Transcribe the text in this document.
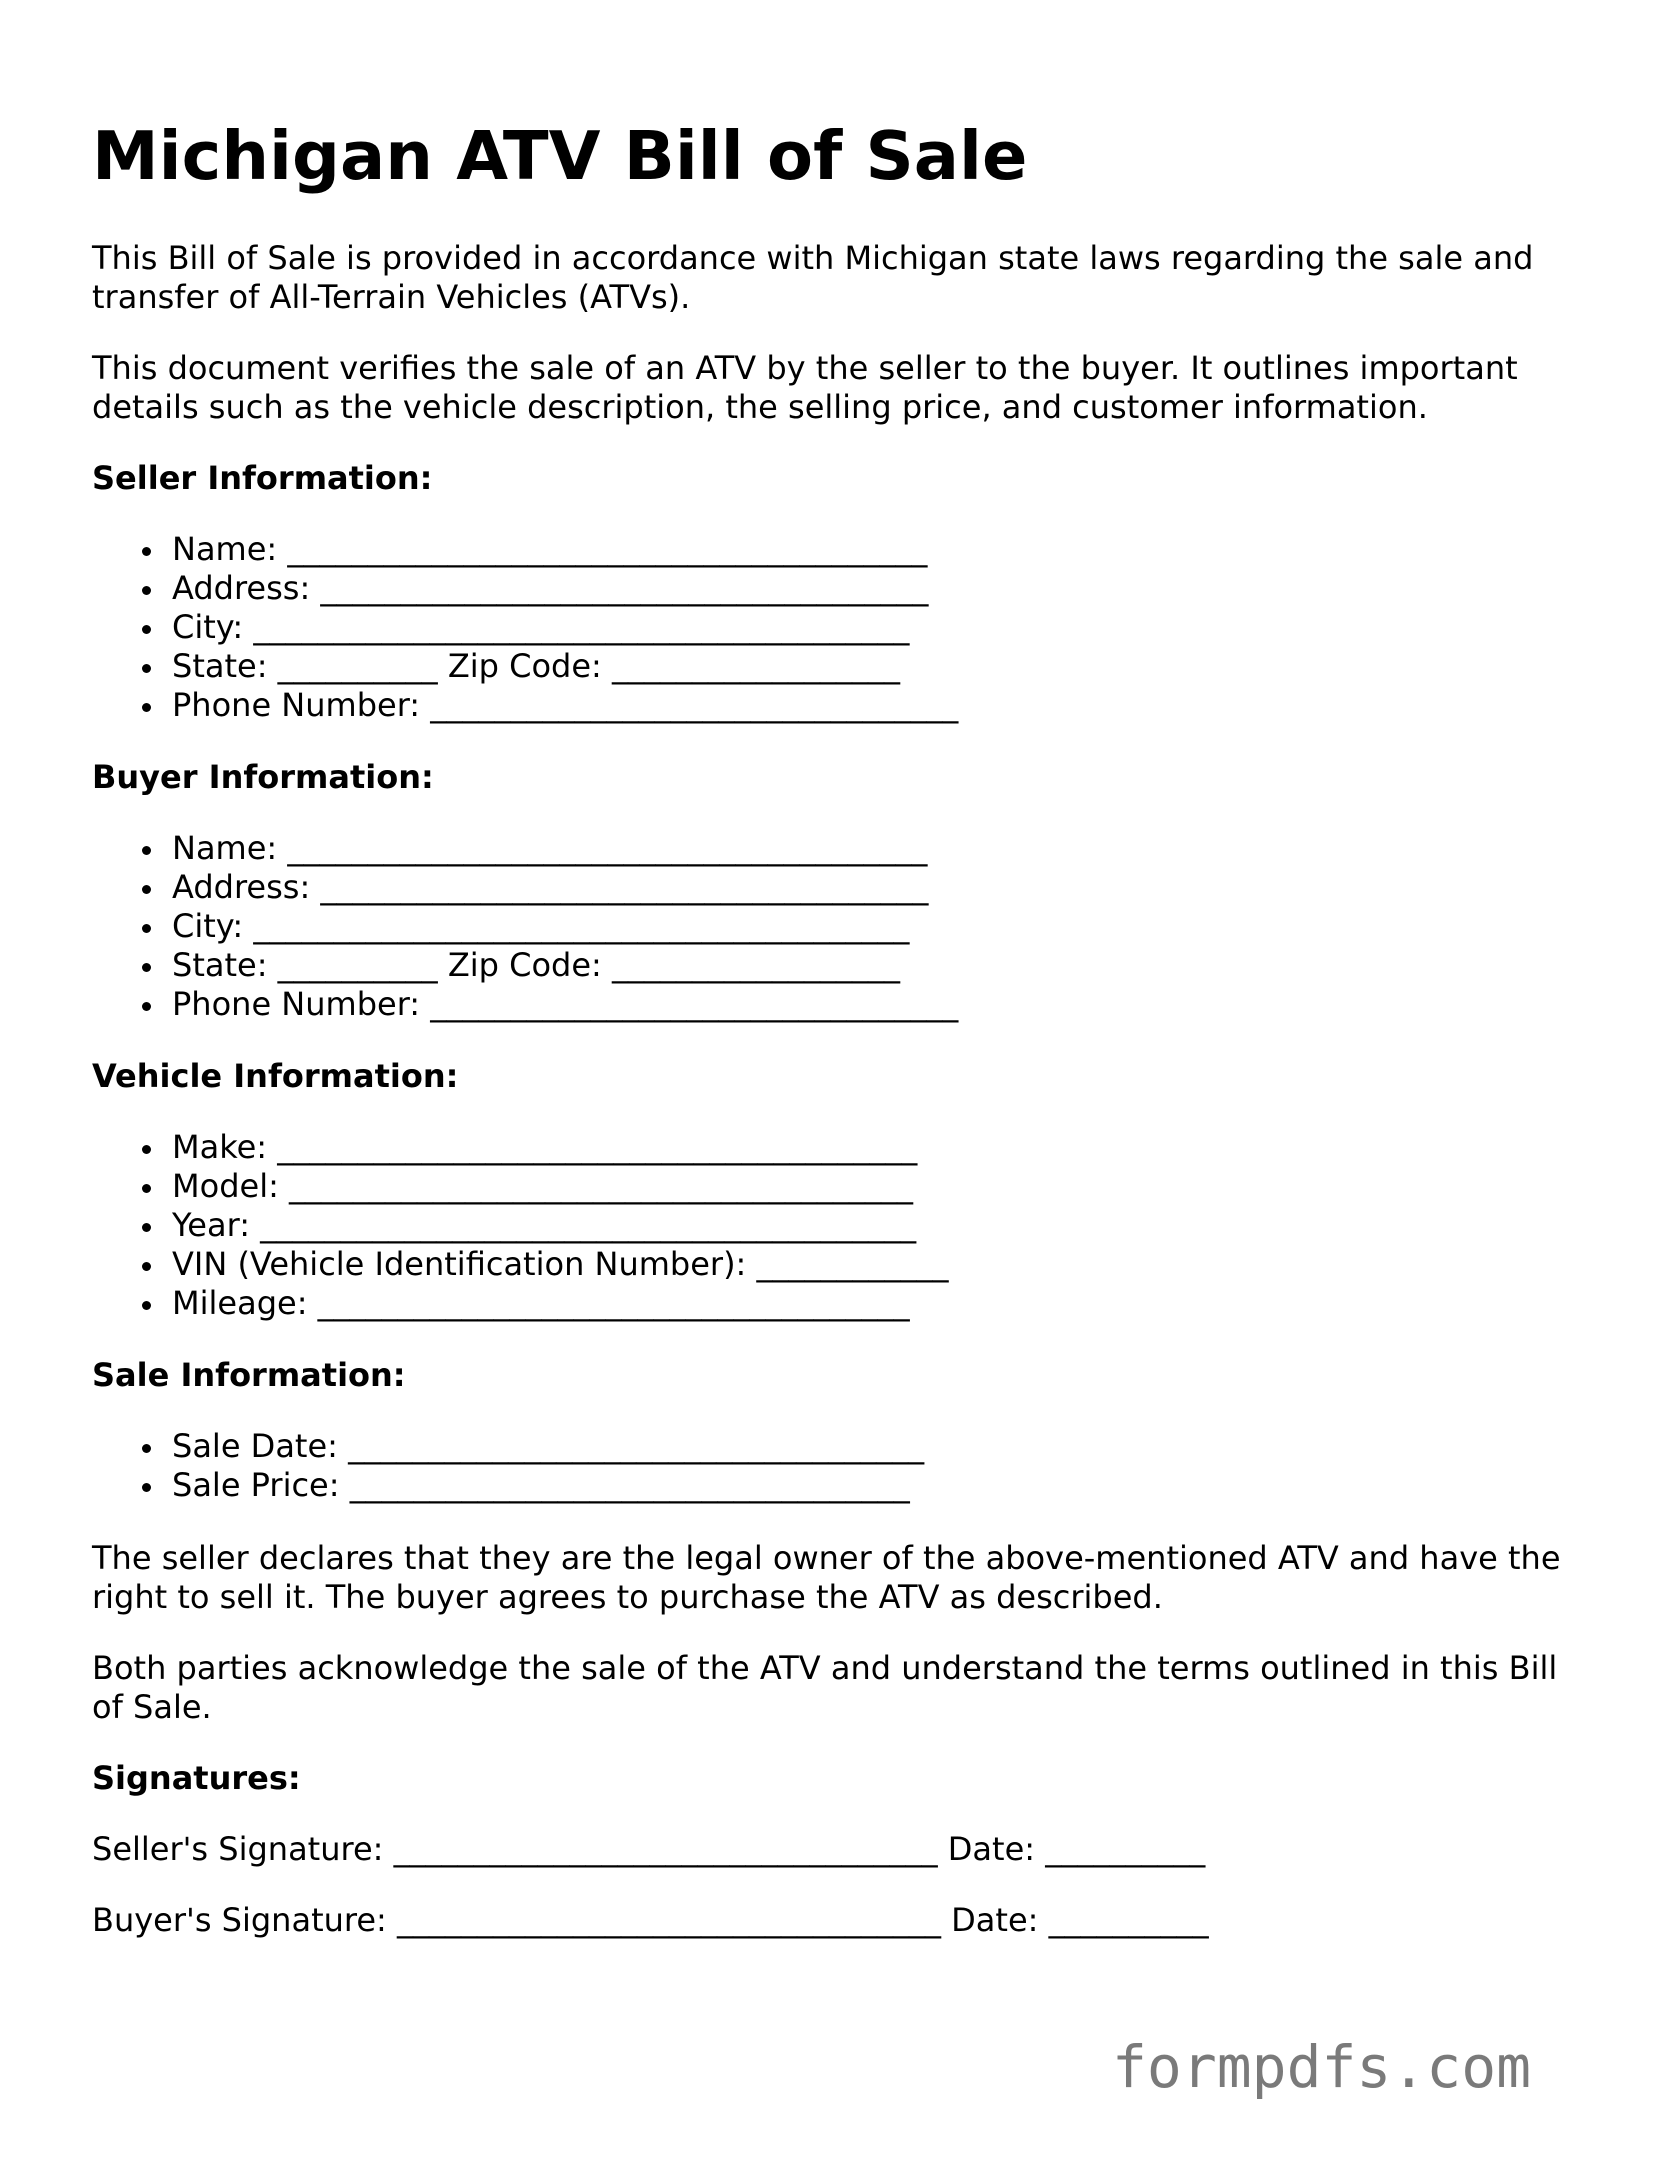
Michigan ATV Bill of Sale

This Bill of Sale is provided in accordance with Michigan state laws regarding the sale and transfer of All-Terrain Vehicles (ATVs).

This document verifies the sale of an ATV by the seller to the buyer. It outlines important details such as the vehicle description, the selling price, and customer information.

Seller Information:

Name: ________________________________________
Address: ______________________________________
City: _________________________________________
State: __________ Zip Code: __________________
Phone Number: _________________________________

Buyer Information:

Name: ________________________________________
Address: ______________________________________
City: _________________________________________
State: __________ Zip Code: __________________
Phone Number: _________________________________

Vehicle Information:

Make: ________________________________________
Model: _______________________________________
Year: _________________________________________
VIN (Vehicle Identification Number): ____________
Mileage: _____________________________________

Sale Information:

Sale Date: ____________________________________
Sale Price: ___________________________________

The seller declares that they are the legal owner of the above-mentioned ATV and have the right to sell it. The buyer agrees to purchase the ATV as described.

Both parties acknowledge the sale of the ATV and understand the terms outlined in this Bill of Sale.

Signatures:

Seller's Signature: __________________________________ Date: __________

Buyer's Signature: __________________________________ Date: __________

formpdfs.com
